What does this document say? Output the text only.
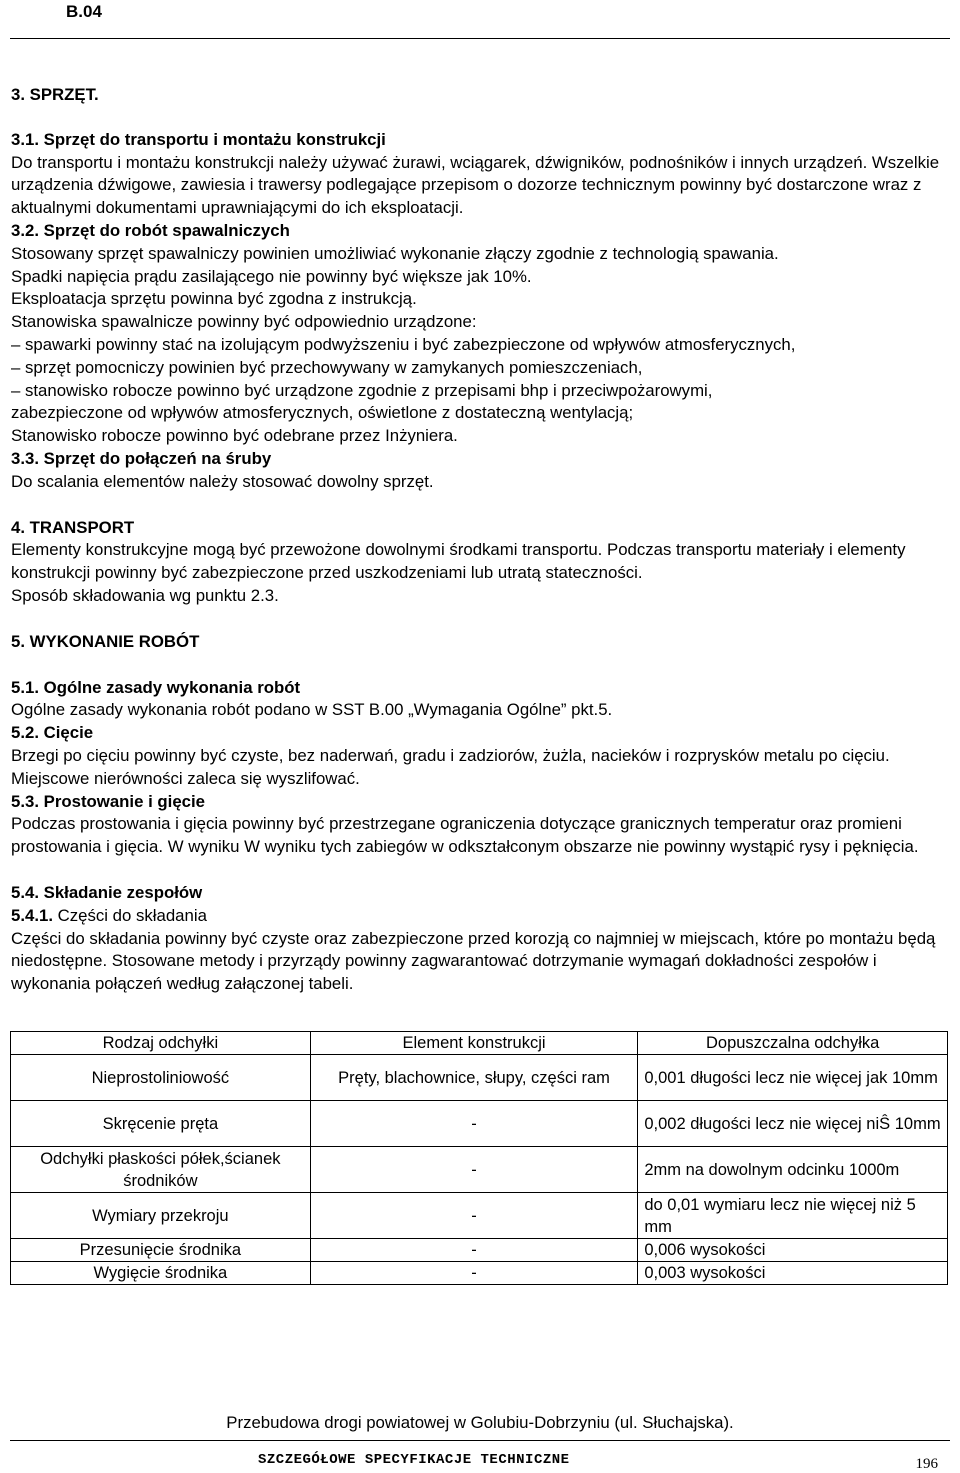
B.04

3. SPRZĘT.

3.1. Sprzęt do transportu i montażu konstrukcji

Do transportu i montażu konstrukcji należy używać żurawi, wciągarek, dźwigników, podnośników i innych urządzeń. Wszelkie urządzenia dźwigowe, zawiesia i trawersy podlegające przepisom o dozorze technicznym powinny być dostarczone wraz z aktualnymi dokumentami uprawniającymi do ich eksploatacji.

3.2. Sprzęt do robót spawalniczych

Stosowany sprzęt spawalniczy powinien umożliwiać wykonanie złączy zgodnie z technologią spawania.

Spadki napięcia prądu zasilającego nie powinny być większe jak 10%.

Eksploatacja sprzętu powinna być zgodna z instrukcją.

Stanowiska spawalnicze powinny być odpowiednio urządzone:

– spawarki powinny stać na izolującym podwyższeniu i być zabezpieczone od wpływów atmosferycznych,

– sprzęt pomocniczy powinien być przechowywany w zamykanych pomieszczeniach,

– stanowisko robocze powinno być urządzone zgodnie z przepisami bhp i przeciwpożarowymi,

zabezpieczone od wpływów atmosferycznych, oświetlone z dostateczną wentylacją;

Stanowisko robocze powinno być odebrane przez Inżyniera.

3.3. Sprzęt do połączeń na śruby

Do scalania elementów należy stosować dowolny sprzęt.

4. TRANSPORT

Elementy konstrukcyjne mogą być przewożone dowolnymi środkami transportu. Podczas transportu materiały i elementy konstrukcji powinny być zabezpieczone przed uszkodzeniami lub utratą stateczności.

Sposób składowania wg punktu 2.3.

5. WYKONANIE ROBÓT

5.1. Ogólne zasady wykonania robót

Ogólne zasady wykonania robót podano w SST B.00 „Wymagania Ogólne” pkt.5.

5.2. Cięcie

Brzegi po cięciu powinny być czyste, bez naderwań, gradu i zadziorów, żużla, nacieków i rozprysków metalu po cięciu. Miejscowe nierówności zaleca się wyszlifować.

5.3. Prostowanie i gięcie

Podczas prostowania i gięcia powinny być przestrzegane ograniczenia dotyczące granicznych temperatur oraz promieni prostowania i gięcia. W wyniku W wyniku tych zabiegów w odkształconym obszarze nie powinny wystąpić rysy i pęknięcia.

5.4. Składanie zespołów

5.4.1. Części do składania

Części do składania powinny być czyste oraz zabezpieczone przed korozją co najmniej w miejscach, które po montażu będą niedostępne. Stosowane metody i przyrządy powinny zagwarantować dotrzymanie wymagań dokładności zespołów i wykonania połączeń według załączonej tabeli.

Rodzaj odchyłki	Element konstrukcji	Dopuszczalna odchyłka
Nieprostoliniowość	Pręty, blachownice, słupy, części ram	0,001 długości lecz nie więcej jak 10mm
Skręcenie pręta	-	0,002 długości lecz nie więcej niŜ 10mm
Odchyłki płaskości półek,ścianek środników	-	2mm na dowolnym odcinku 1000m
Wymiary przekroju	-	do 0,01 wymiaru lecz nie więcej niż 5 mm
Przesunięcie środnika	-	0,006 wysokości
Wygięcie środnika	-	0,003 wysokości
Przebudowa drogi powiatowej w Golubiu-Dobrzyniu (ul. Słuchajska).
SZCZEGÓŁOWE SPECYFIKACJE TECHNICZNE	196
